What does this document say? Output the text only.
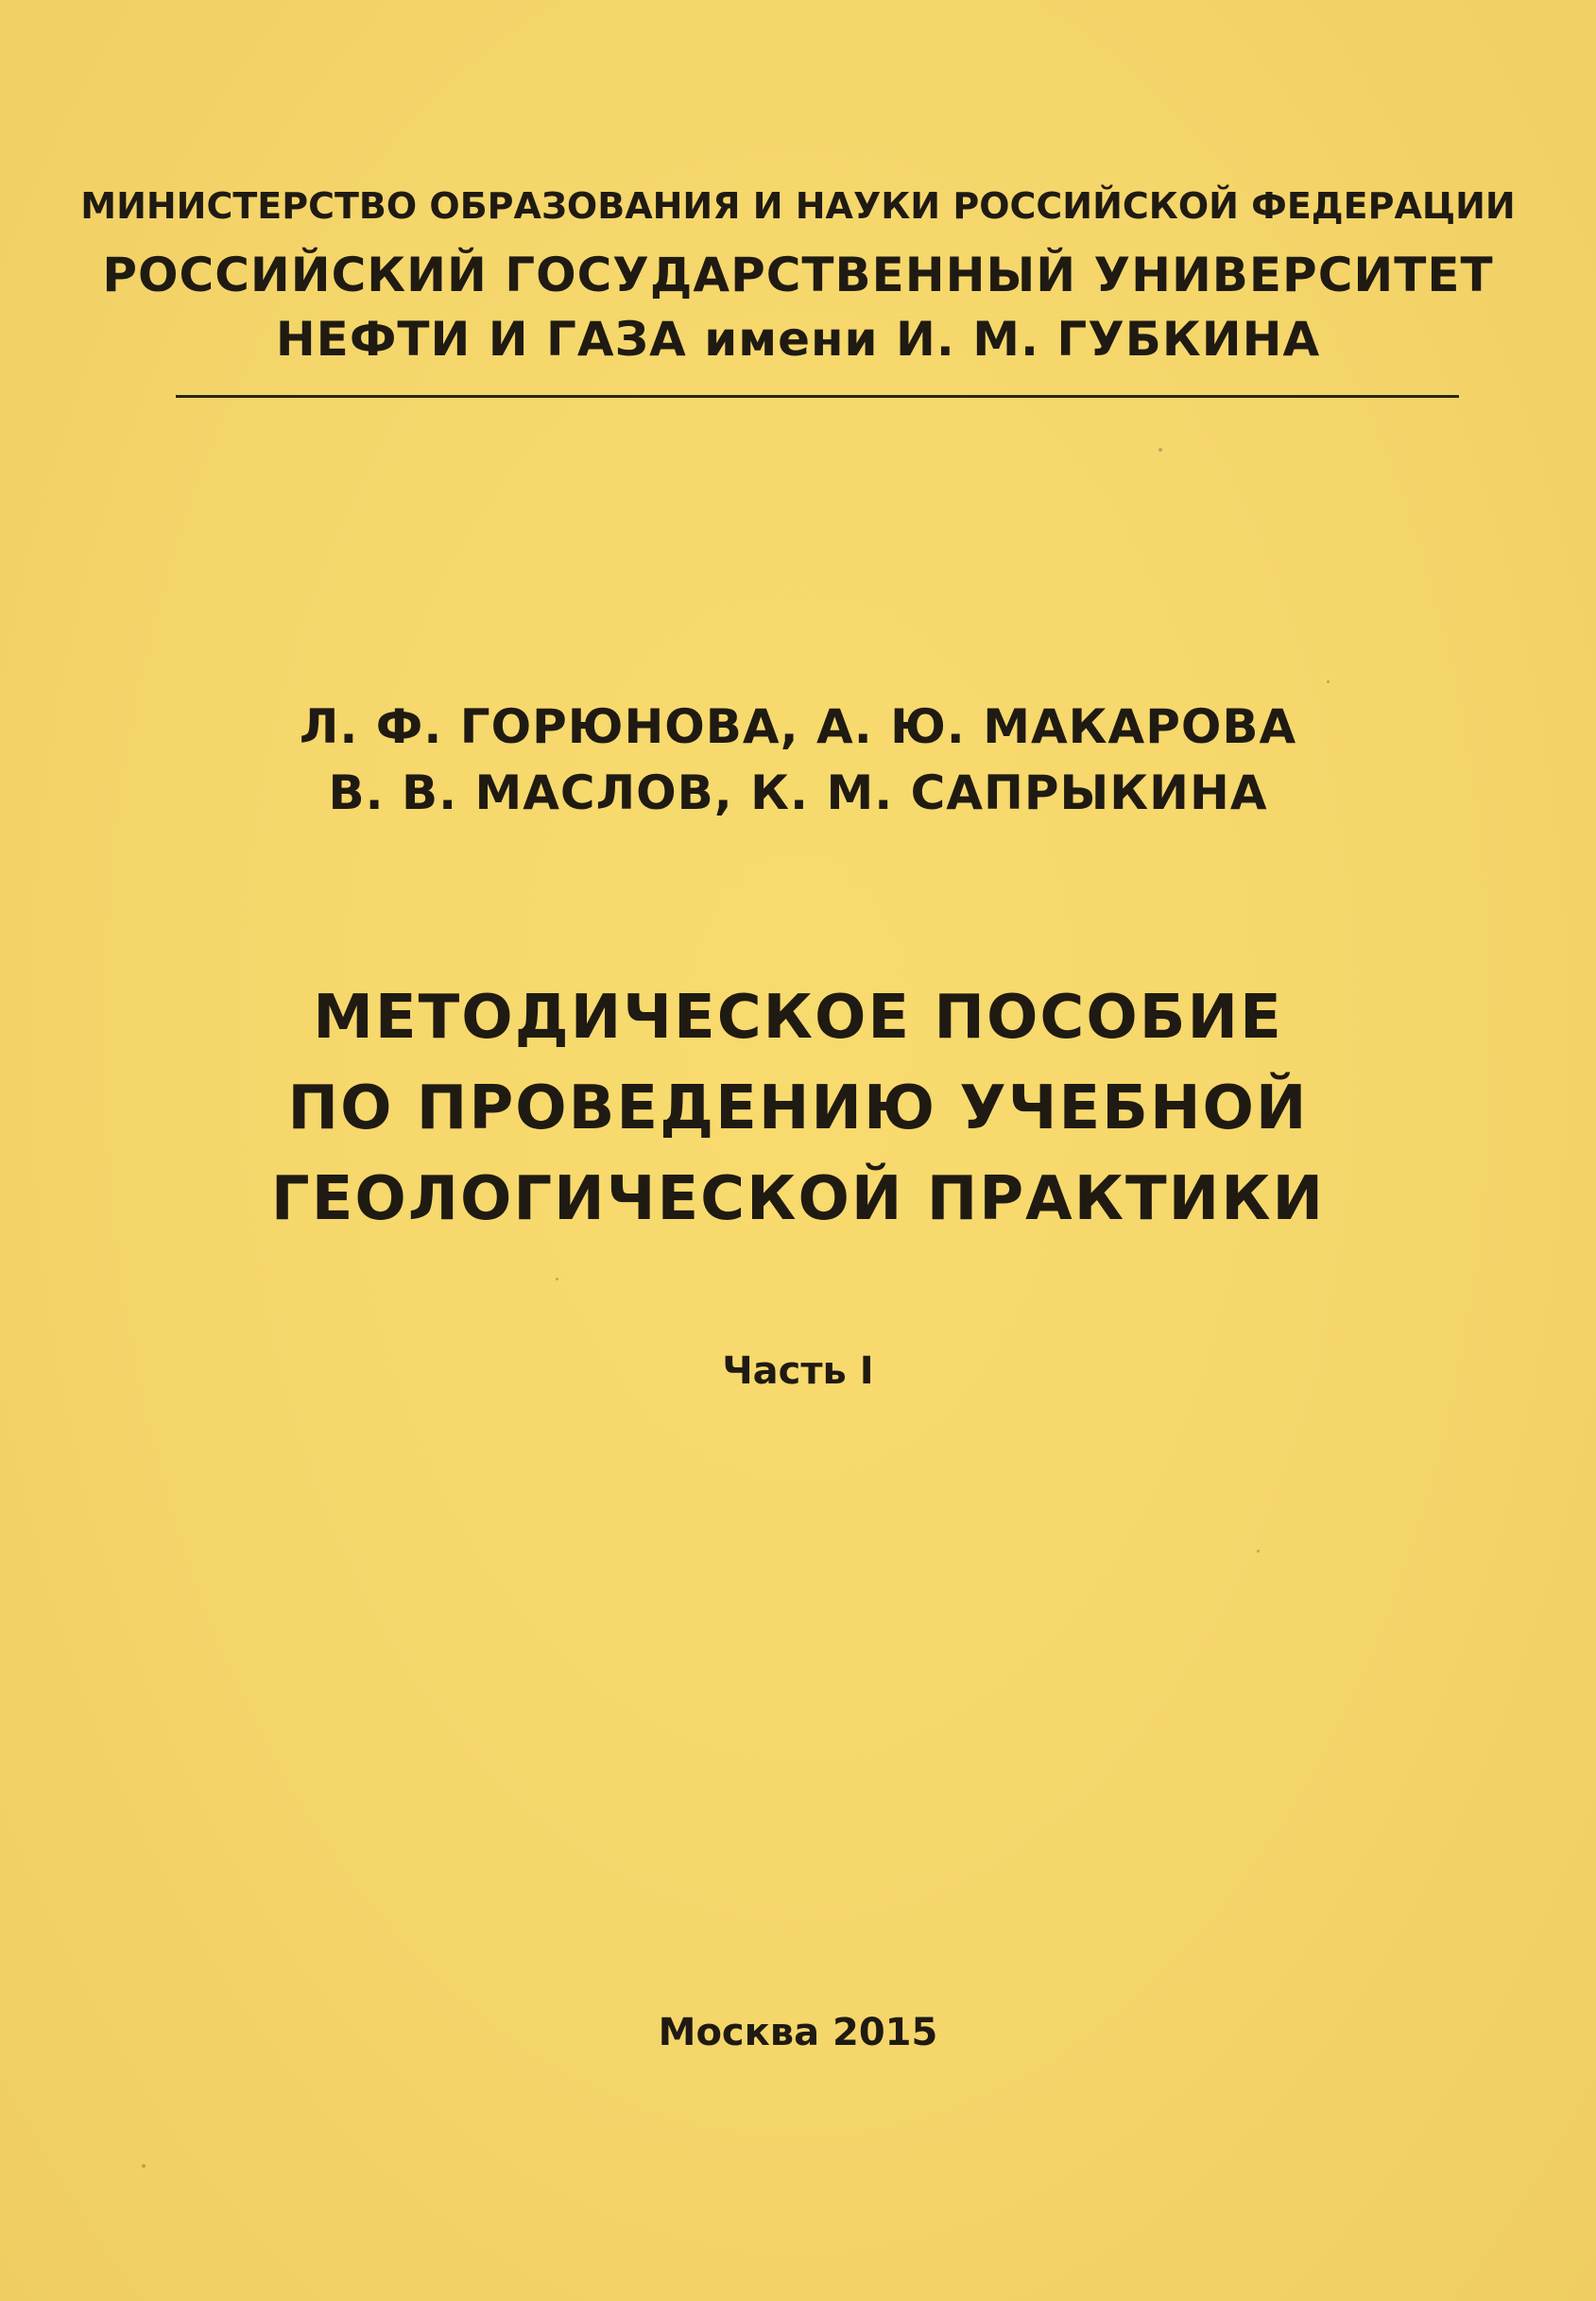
МИНИСТЕРСТВО ОБРАЗОВАНИЯ И НАУКИ РОССИЙСКОЙ ФЕДЕРАЦИИ
РОССИЙСКИЙ ГОСУДАРСТВЕННЫЙ УНИВЕРСИТЕТ
НЕФТИ И ГАЗА имени И. М. ГУБКИНА
Л. Ф. ГОРЮНОВА, А. Ю. МАКАРОВА
В. В. МАСЛОВ, К. М. САПРЫКИНА
МЕТОДИЧЕСКОЕ ПОСОБИЕ
ПО ПРОВЕДЕНИЮ УЧЕБНОЙ
ГЕОЛОГИЧЕСКОЙ ПРАКТИКИ
Часть I
Москва 2015
